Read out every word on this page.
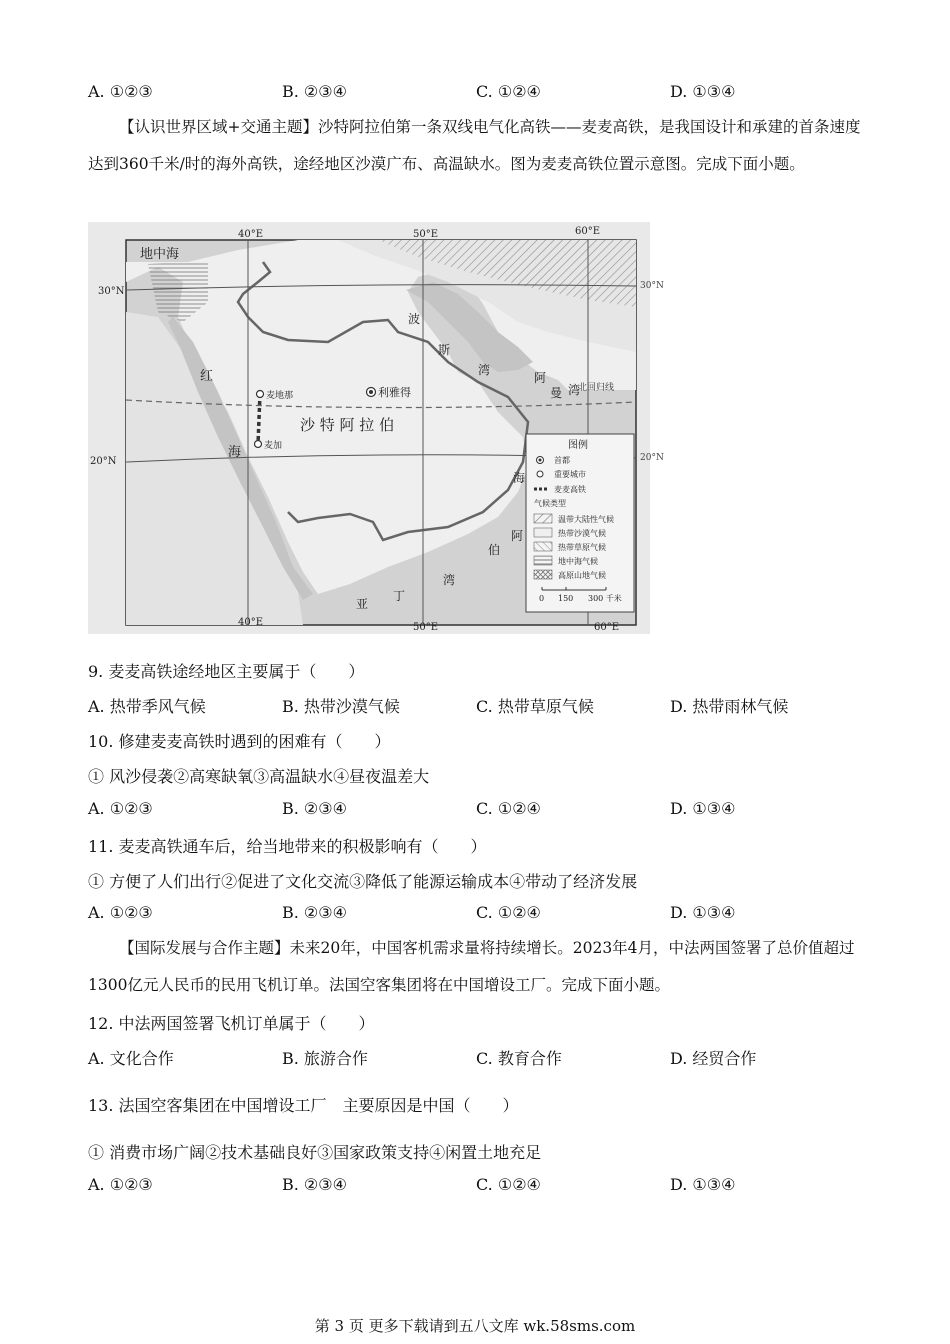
A. ①②③	B. ②③④	C. ①②④	D. ①③④
【认识世界区域+交通主题】沙特阿拉伯第一条双线电气化高铁——麦麦高铁，是我国设计和承建的首条速度达到360千米/时的海外高铁，途经地区沙漠广布、高温缺水。图为麦麦高铁位置示意图。完成下面小题。
40°E	50°E	60°E
40°E	50°E	60°E
30°N
20°N
30°N
20°N
地中海
红
海
波
斯
湾
阿
曼 湾
阿
伯
海
亚
丁
湾
沙 特 阿 拉 伯
北回归线
利雅得
麦地那
麦加	图例
首都
重要城市
麦麦高铁
气候类型
温带大陆性气候
热带沙漠气候
热带草原气候
地中海气候
高原山地气候
0 150 300 千米
9. 麦麦高铁途经地区主要属于（　　）
A. 热带季风气候	B. 热带沙漠气候	C. 热带草原气候	D. 热带雨林气候
10. 修建麦麦高铁时遇到的困难有（　　）
① 风沙侵袭②高寒缺氧③高温缺水④昼夜温差大
A. ①②③	B. ②③④	C. ①②④	D. ①③④
11. 麦麦高铁通车后，给当地带来的积极影响有（　　）
① 方便了人们出行②促进了文化交流③降低了能源运输成本④带动了经济发展
A. ①②③	B. ②③④	C. ①②④	D. ①③④
【国际发展与合作主题】未来20年，中国客机需求量将持续增长。2023年4月，中法两国签署了总价值超过1300亿元人民币的民用飞机订单。法国空客集团将在中国增设工厂。完成下面小题。
12. 中法两国签署飞机订单属于（　　）
A. 文化合作	B. 旅游合作	C. 教育合作	D. 经贸合作
13. 法国空客集团在中国增设工厂　主要原因是中国（　　）
① 消费市场广阔②技术基础良好③国家政策支持④闲置土地充足
A. ①②③	B. ②③④	C. ①②④	D. ①③④
第 3 页 更多下载请到五八文库 wk.58sms.com
